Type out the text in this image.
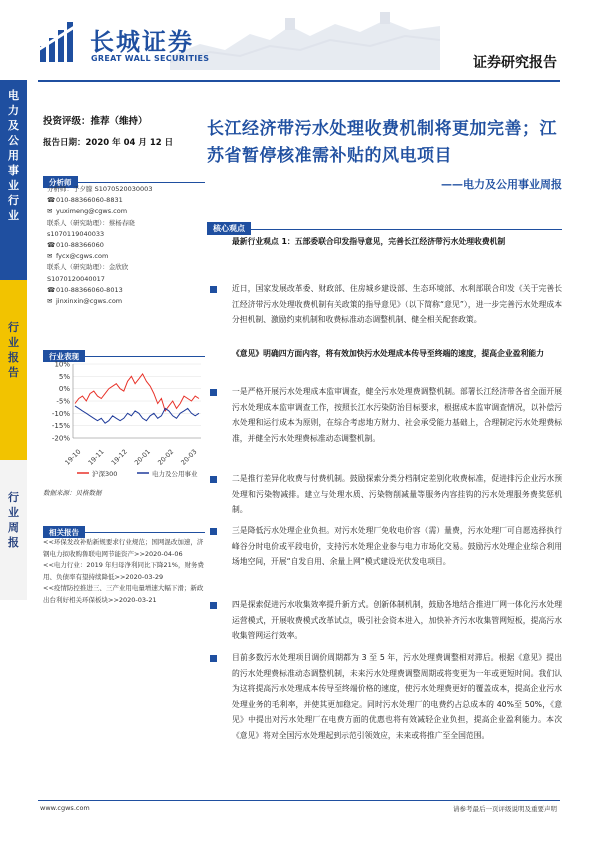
电
力
及
公
用
事
业
行
业
行
业
报
告
行
业
周
报
长城证券
GREAT WALL SECURITIES	证券研究报告
投资评级：推荐（维持）
报告日期：2020 年 04 月 12 日
分析师
分析师：于夕朦 S1070520030003
☎010-88366060-8831
✉ yuximeng@cgws.com
联系人（研究助理）：蔡杨春晓
s1070119040033
☎010-88366060
✉ fycx@cgws.com
联系人（研究助理）：金欣欣
S1070120040017
☎010-88366060-8013
✉ jinxinxin@cgws.com
行业表现
10%
5%
0%
-5%
-10%
-15%
-20%
19-10 19-11 19-12 20-01 20-02 20-03
沪深300	电力及公用事业
数据来源：贝格数据
相关报告
<<环保发改补贴新规要求行业规范；国网混改加速，济钢电力拟收购鲁联电网节能资产>>2020-04-06
<<电力行业：2019 年归母净利同比下降21%，财务费用、负债率有望持续降低>>2020-03-29
<<疫情防控推进三、三产业用电量增速大幅下滑；新政出台利好相关环保板块>>2020-03-21
长江经济带污水处理收费机制将更加完善；江苏省暂停核准需补贴的风电项目
——电力及公用事业周报
核心观点
最新行业观点 1：五部委联合印发指导意见，完善长江经济带污水处理收费机制
近日，国家发展改革委、财政部、住房城乡建设部、生态环境部、水利部联合印发《关于完善长江经济带污水处理收费机制有关政策的指导意见》（以下简称“意见”），进一步完善污水处理成本分担机制、激励约束机制和收费标准动态调整机制、健全相关配套政策。
《意见》明确四方面内容，将有效加快污水处理成本传导至终端的速度，提高企业盈利能力
一是严格开展污水处理成本监审调查，健全污水处理费调整机制。部署长江经济带各省全面开展污水处理成本监审调查工作，按照长江水污染防治目标要求，根据成本监审调查情况，以补偿污水处理和运行成本为原则，在综合考虑地方财力、社会承受能力基础上，合理制定污水处理费标准，并健全污水处理费标准动态调整机制。
二是推行差异化收费与付费机制。鼓励探索分类分档制定差别化收费标准，促进排污企业污水预处理和污染物减排。建立与处理水质、污染物削减量等服务内容挂钩的污水处理服务费奖惩机制。
三是降低污水处理企业负担。对污水处理厂免收电价容（需）量费，污水处理厂可自愿选择执行峰谷分时电价或平段电价，支持污水处理企业参与电力市场化交易。鼓励污水处理企业综合利用场地空间，开展“自发自用、余量上网”模式建设光伏发电项目。
四是探索促进污水收集效率提升新方式。创新体制机制，鼓励各地结合推进厂网一体化污水处理运营模式，开展收费模式改革试点，吸引社会资本进入，加快补齐污水收集管网短板，提高污水收集管网运行效率。
目前多数污水处理项目调价周期都为 3 至 5 年，污水处理费调整相对滞后。根据《意见》提出的污水处理费标准动态调整机制，未来污水处理费调整周期或将变更为一年或更短时间。我们认为这将提高污水处理成本传导至终端价格的速度，使污水处理费更好的覆盖成本，提高企业污水处理业务的毛利率，并使其更加稳定。同时污水处理厂的电费约占总成本的 40%至 50%，《意见》中提出对污水处理厂在电费方面的优惠也将有效减轻企业负担，提高企业盈利能力。本次《意见》将对全国污水处理起到示范引领效应，未来或将推广至全国范围。
www.cgws.com	请参考最后一页评级说明及重要声明
